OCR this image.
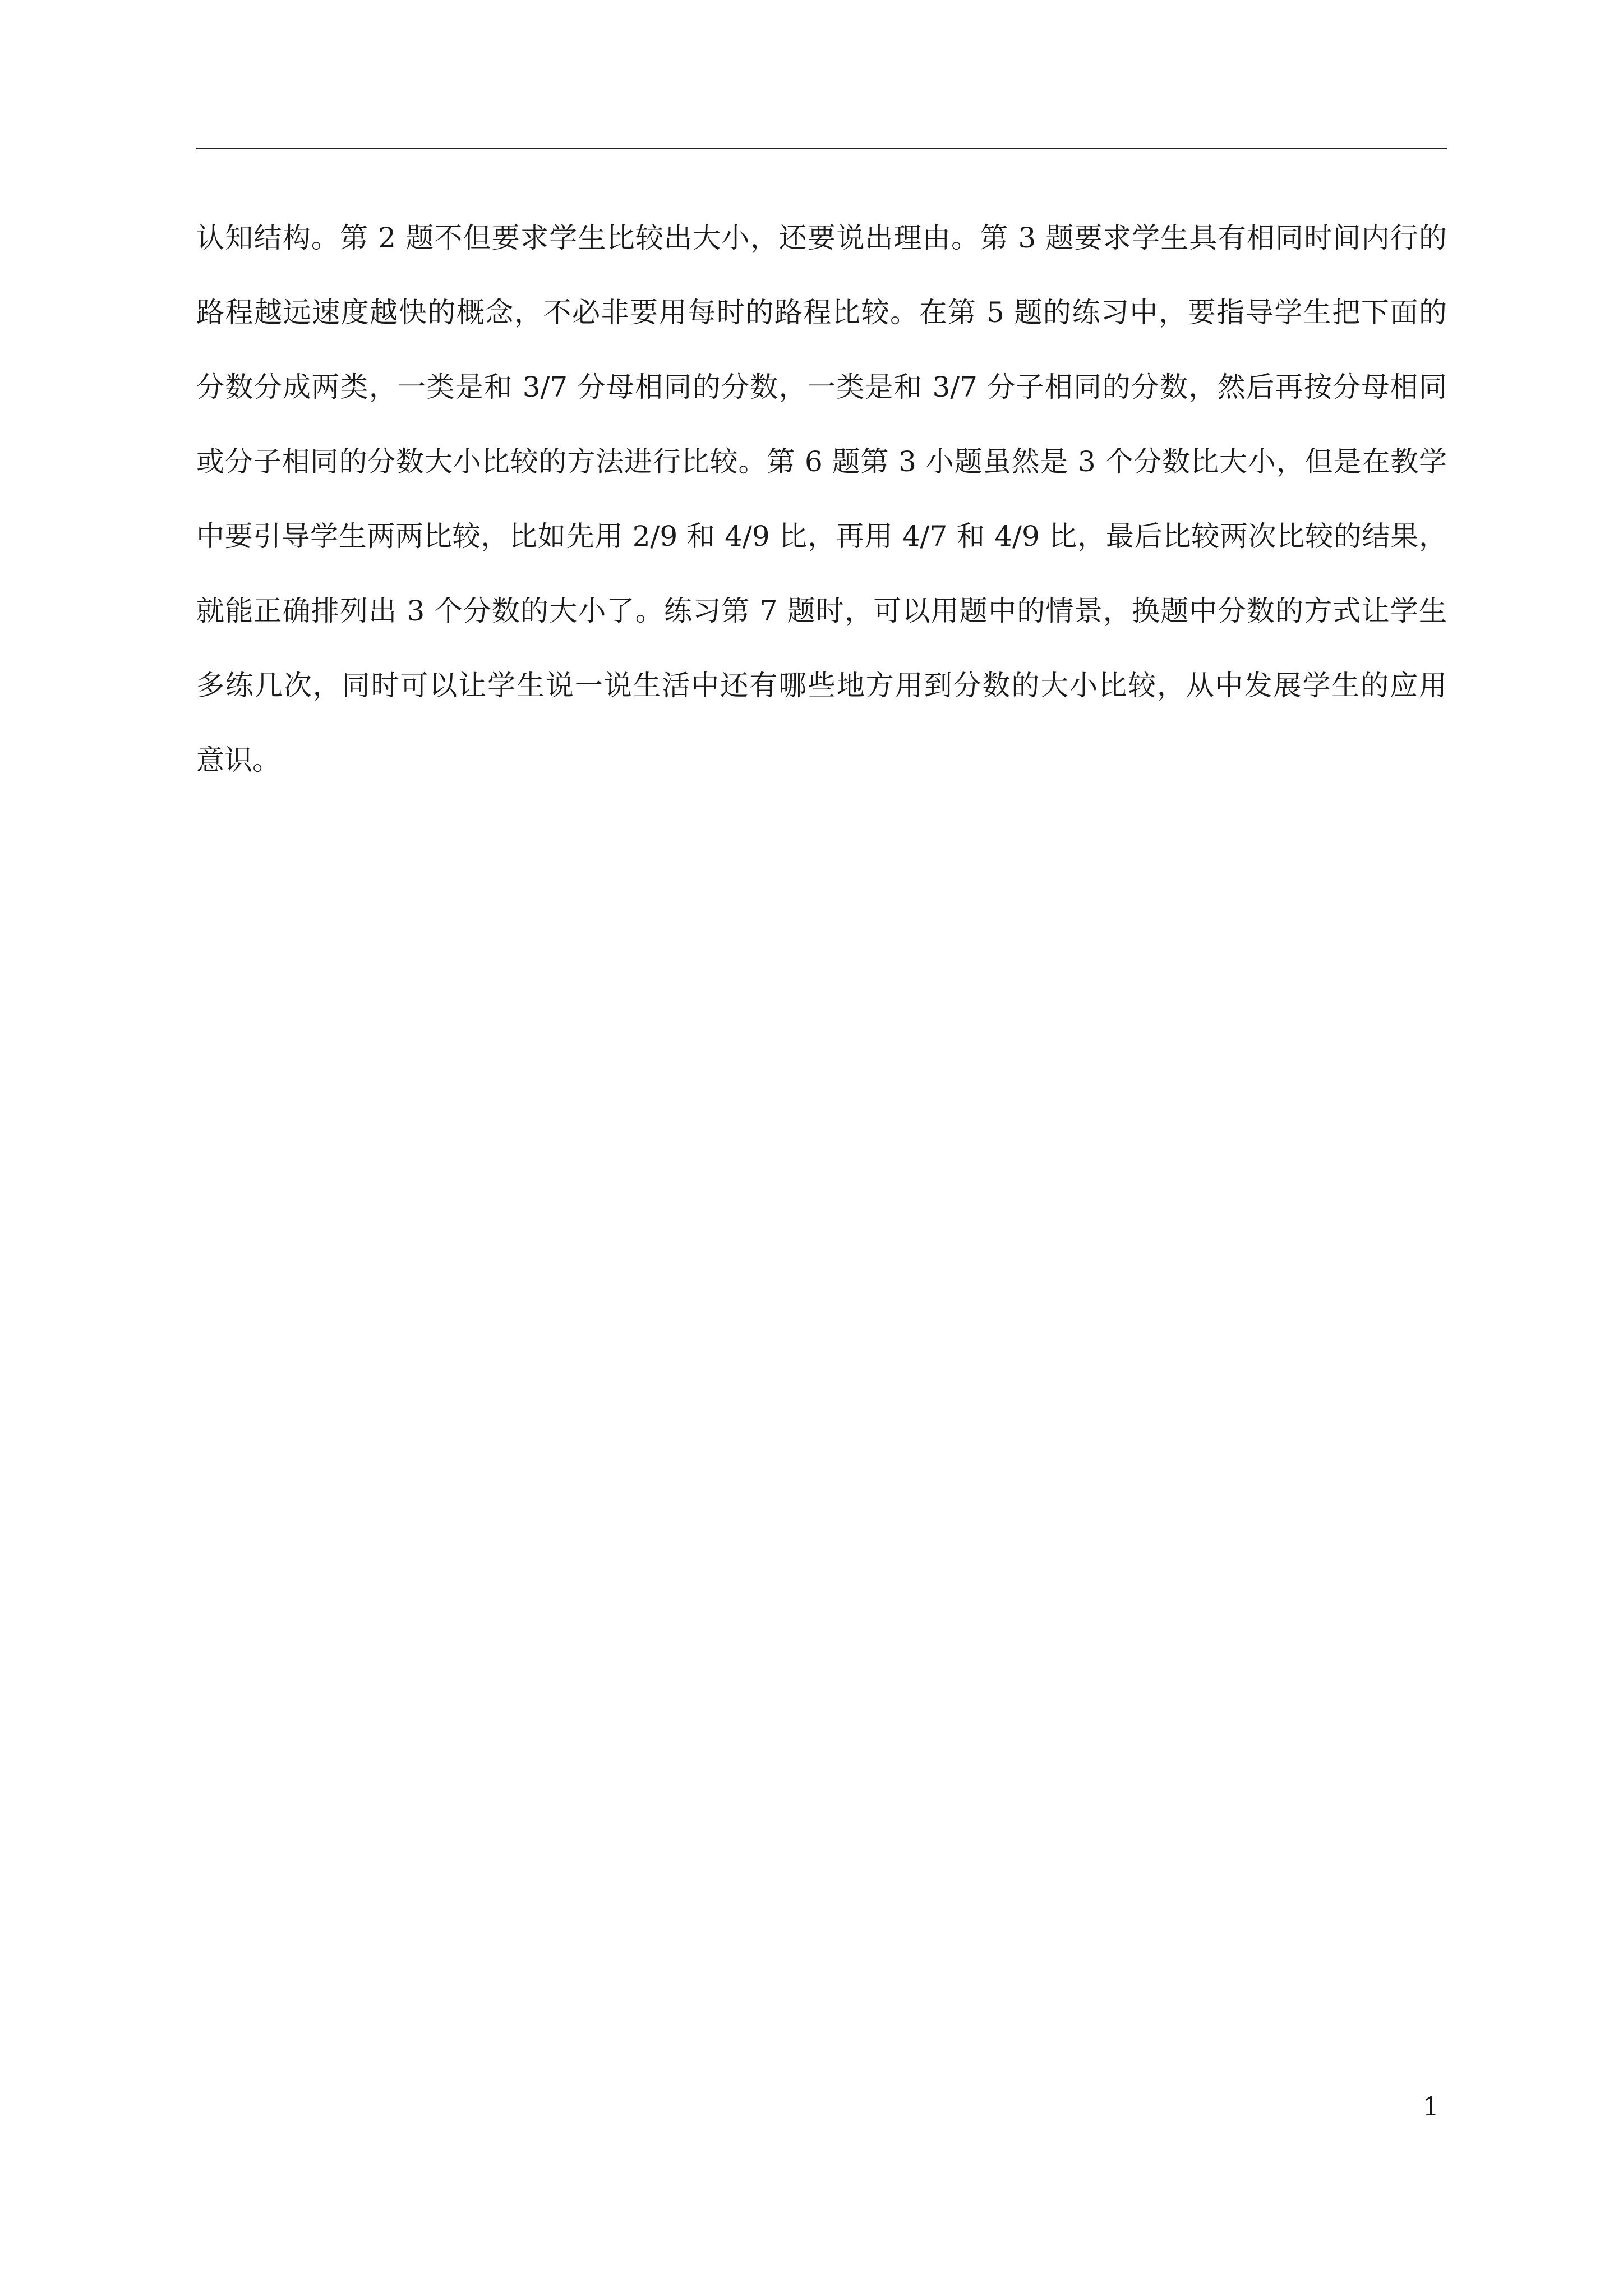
认知结构。第 2 题不但要求学生比较出大小，还要说出理由。第 3 题要求学生具有相同时间内行的
路程越远速度越快的概念，不必非要用每时的路程比较。在第 5 题的练习中，要指导学生把下面的
分数分成两类，一类是和 3/7 分母相同的分数，一类是和 3/7 分子相同的分数，然后再按分母相同
或分子相同的分数大小比较的方法进行比较。第 6 题第 3 小题虽然是 3 个分数比大小，但是在教学
中要引导学生两两比较，比如先用 2/9 和 4/9 比，再用 4/7 和 4/9 比，最后比较两次比较的结果，
就能正确排列出 3 个分数的大小了。练习第 7 题时，可以用题中的情景，换题中分数的方式让学生
多练几次，同时可以让学生说一说生活中还有哪些地方用到分数的大小比较，从中发展学生的应用
意识。
1
